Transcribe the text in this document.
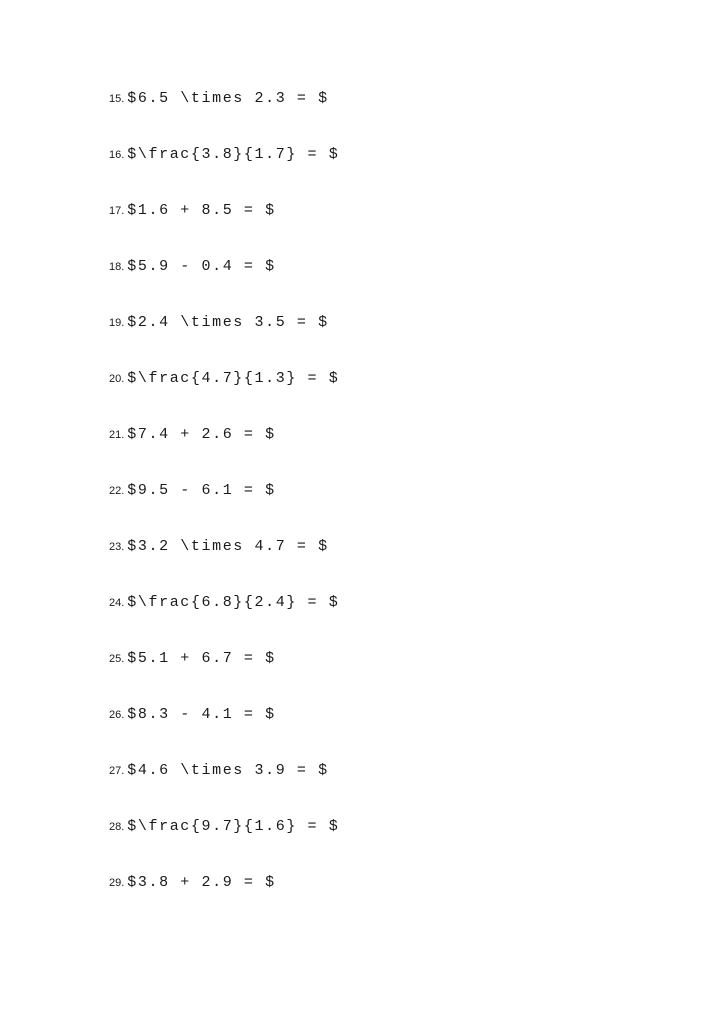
15. $6.5 \times 2.3 = $
16. $\frac{3.8}{1.7} = $
17. $1.6 + 8.5 = $
18. $5.9 - 0.4 = $
19. $2.4 \times 3.5 = $
20. $\frac{4.7}{1.3} = $
21. $7.4 + 2.6 = $
22. $9.5 - 6.1 = $
23. $3.2 \times 4.7 = $
24. $\frac{6.8}{2.4} = $
25. $5.1 + 6.7 = $
26. $8.3 - 4.1 = $
27. $4.6 \times 3.9 = $
28. $\frac{9.7}{1.6} = $
29. $3.8 + 2.9 = $
